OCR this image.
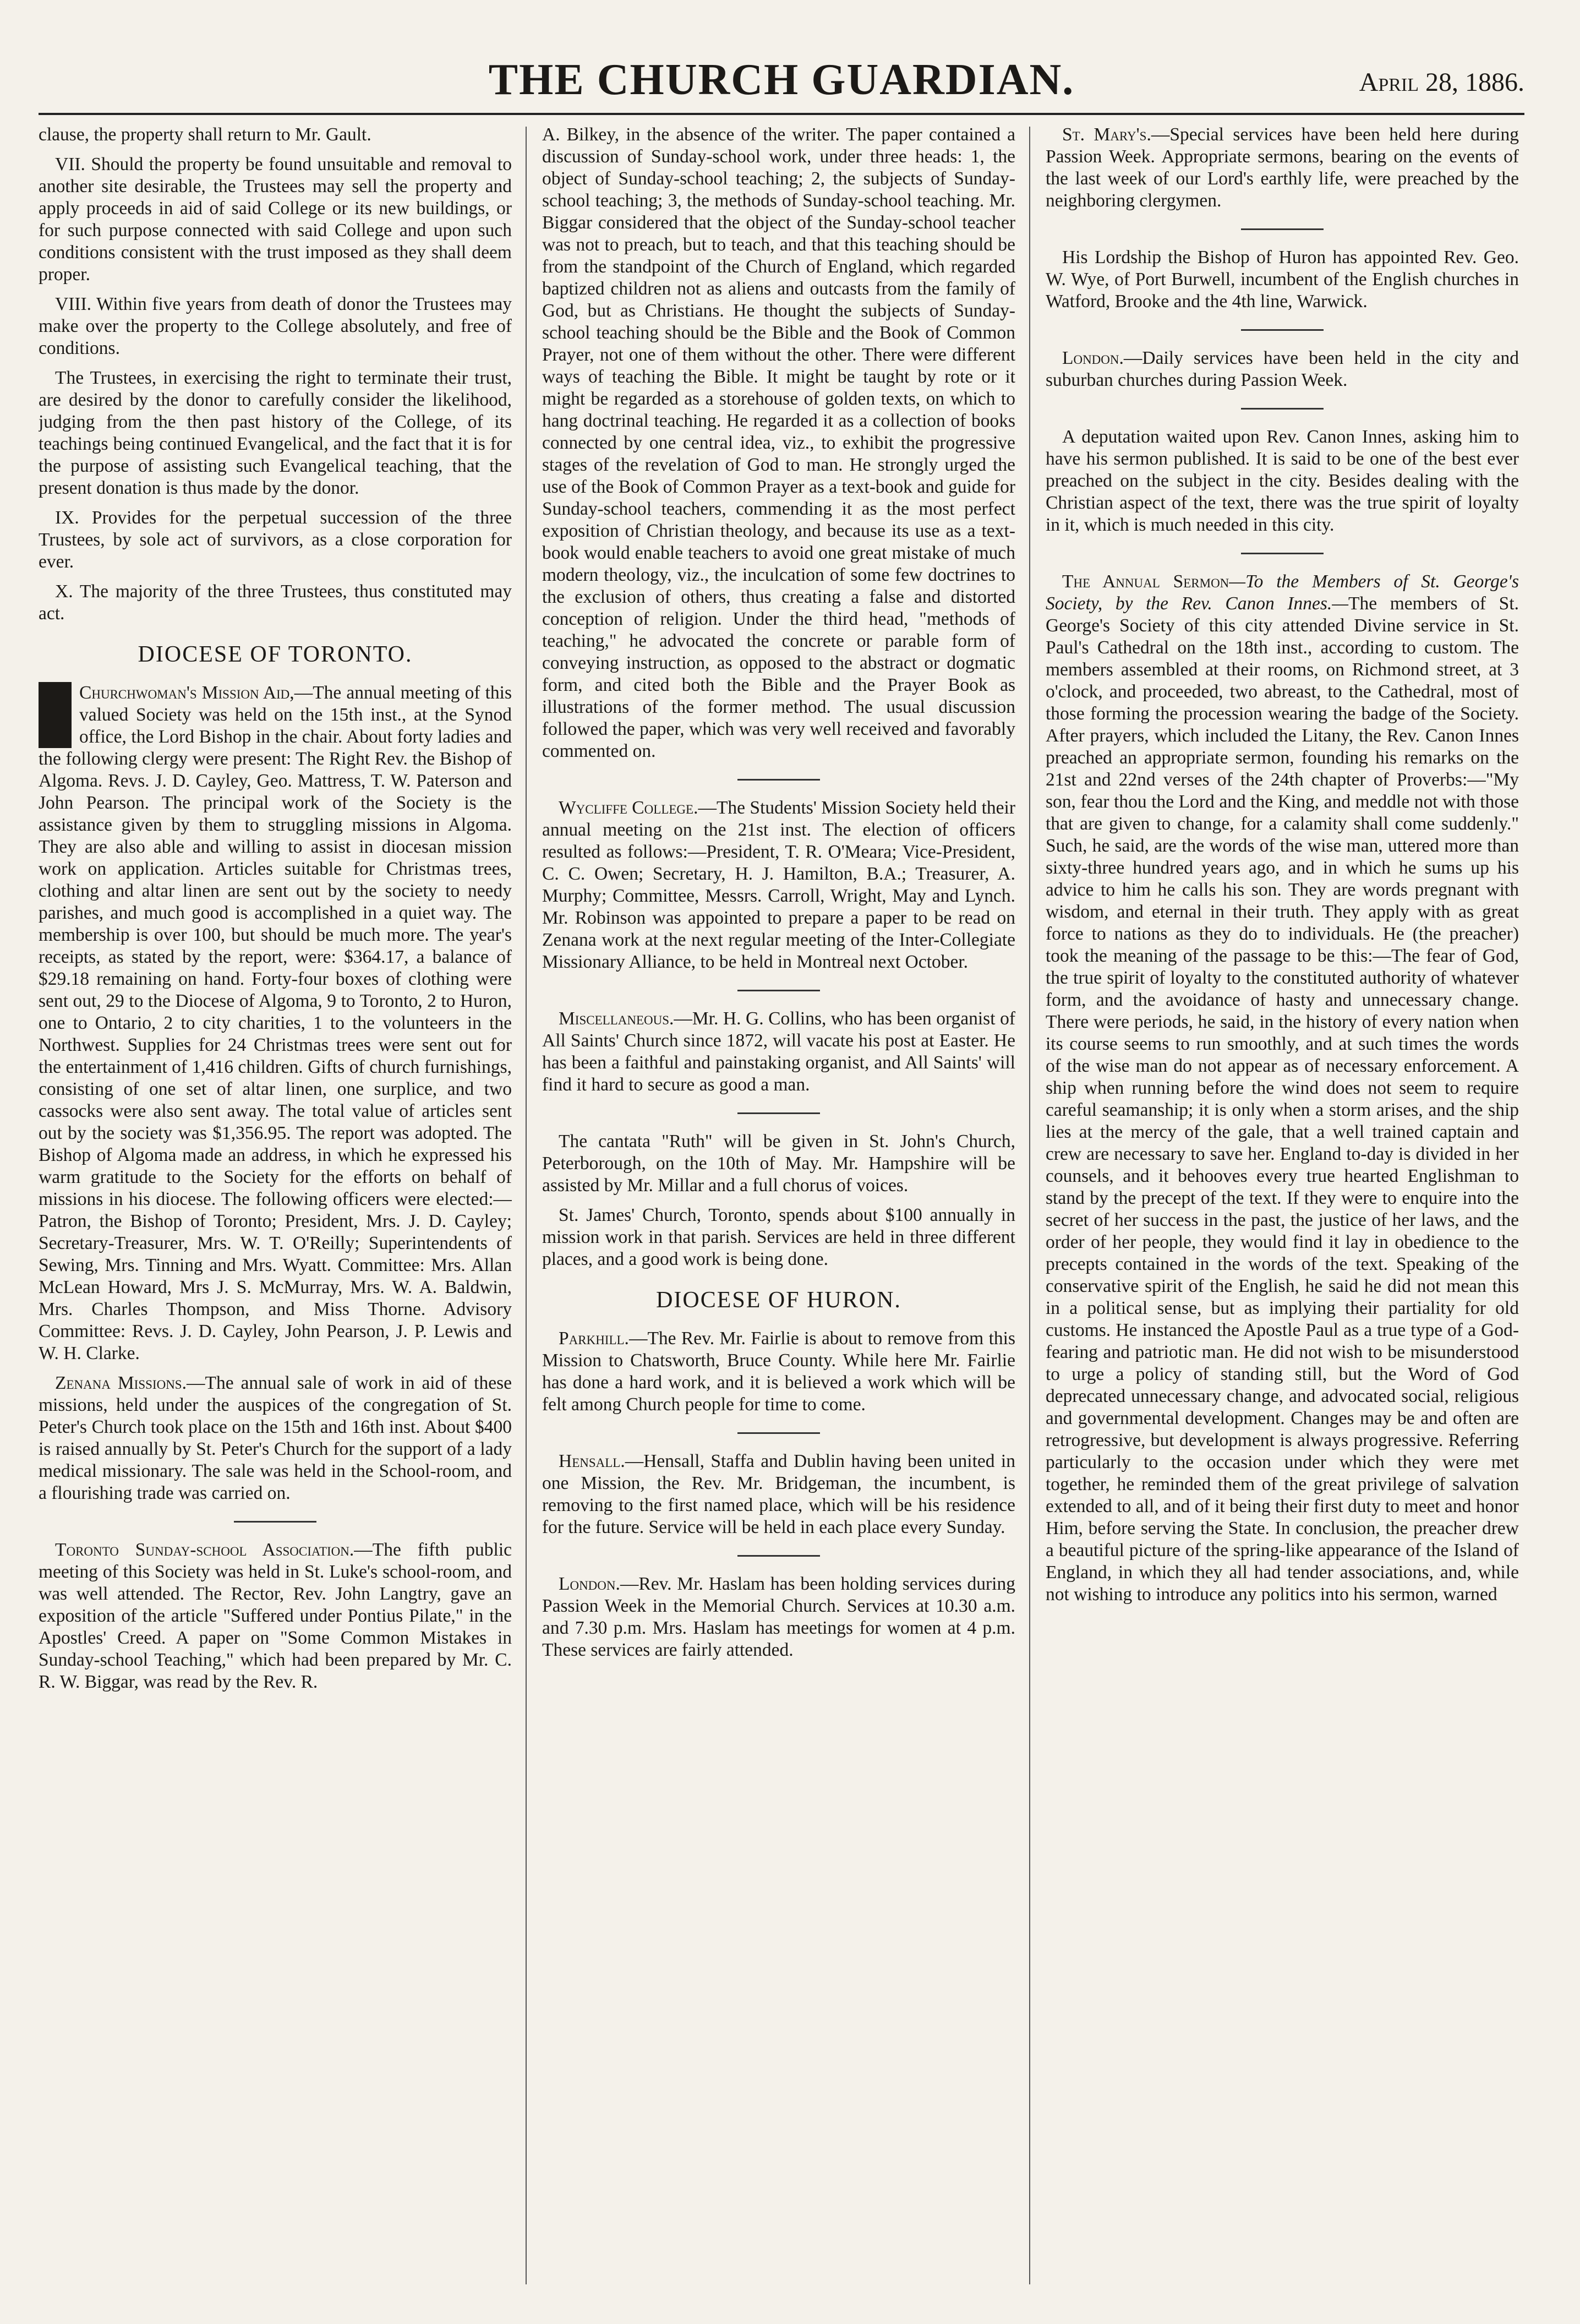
THE CHURCH GUARDIAN.	April 28, 1886.

clause, the property shall return to Mr. Gault.

VII. Should the property be found unsuitable and removal to another site desirable, the Trustees may sell the property and apply proceeds in aid of said College or its new buildings, or for such purpose connected with said College and upon such conditions consistent with the trust imposed as they shall deem proper.

VIII. Within five years from death of donor the Trustees may make over the property to the College absolutely, and free of conditions.

The Trustees, in exercising the right to terminate their trust, are desired by the donor to carefully consider the likelihood, judging from the then past history of the College, of its teachings being continued Evangelical, and the fact that it is for the purpose of assisting such Evangelical teaching, that the present donation is thus made by the donor.

IX. Provides for the perpetual succession of the three Trustees, by sole act of survivors, as a close corporation for ever.

X. The majority of the three Trustees, thus constituted may act.

DIOCESE OF TORONTO.

Churchwoman's Mission Aid,—The annual meeting of this valued Society was held on the 15th inst., at the Synod office, the Lord Bishop in the chair. About forty ladies and the following clergy were present: The Right Rev. the Bishop of Algoma. Revs. J. D. Cayley, Geo. Mattress, T. W. Paterson and John Pearson. The principal work of the Society is the assistance given by them to struggling missions in Algoma. They are also able and willing to assist in diocesan mission work on application. Articles suitable for Christmas trees, clothing and altar linen are sent out by the society to needy parishes, and much good is accomplished in a quiet way. The membership is over 100, but should be much more. The year's receipts, as stated by the report, were: $364.17, a balance of $29.18 remaining on hand. Forty-four boxes of clothing were sent out, 29 to the Diocese of Algoma, 9 to Toronto, 2 to Huron, one to Ontario, 2 to city charities, 1 to the volunteers in the Northwest. Supplies for 24 Christmas trees were sent out for the entertainment of 1,416 children. Gifts of church furnishings, consisting of one set of altar linen, one surplice, and two cassocks were also sent away. The total value of articles sent out by the society was $1,356.95. The report was adopted. The Bishop of Algoma made an address, in which he expressed his warm gratitude to the Society for the efforts on behalf of missions in his diocese. The following officers were elected:—Patron, the Bishop of Toronto; President, Mrs. J. D. Cayley; Secretary-Treasurer, Mrs. W. T. O'Reilly; Superintendents of Sewing, Mrs. Tinning and Mrs. Wyatt. Committee: Mrs. Allan McLean Howard, Mrs J. S. McMurray, Mrs. W. A. Baldwin, Mrs. Charles Thompson, and Miss Thorne. Advisory Committee: Revs. J. D. Cayley, John Pearson, J. P. Lewis and W. H. Clarke.

Zenana Missions.—The annual sale of work in aid of these missions, held under the auspices of the congregation of St. Peter's Church took place on the 15th and 16th inst. About $400 is raised annually by St. Peter's Church for the support of a lady medical missionary. The sale was held in the School-room, and a flourishing trade was carried on.

Toronto Sunday-school Association.—The fifth public meeting of this Society was held in St. Luke's school-room, and was well attended. The Rector, Rev. John Langtry, gave an exposition of the article "Suffered under Pontius Pilate," in the Apostles' Creed. A paper on "Some Common Mistakes in Sunday-school Teaching," which had been prepared by Mr. C. R. W. Biggar, was read by the Rev. R.

A. Bilkey, in the absence of the writer. The paper contained a discussion of Sunday-school work, under three heads: 1, the object of Sunday-school teaching; 2, the subjects of Sunday-school teaching; 3, the methods of Sunday-school teaching. Mr. Biggar considered that the object of the Sunday-school teacher was not to preach, but to teach, and that this teaching should be from the standpoint of the Church of England, which regarded baptized children not as aliens and outcasts from the family of God, but as Christians. He thought the subjects of Sunday-school teaching should be the Bible and the Book of Common Prayer, not one of them without the other. There were different ways of teaching the Bible. It might be taught by rote or it might be regarded as a storehouse of golden texts, on which to hang doctrinal teaching. He regarded it as a collection of books connected by one central idea, viz., to exhibit the progressive stages of the revelation of God to man. He strongly urged the use of the Book of Common Prayer as a text-book and guide for Sunday-school teachers, commending it as the most perfect exposition of Christian theology, and because its use as a text-book would enable teachers to avoid one great mistake of much modern theology, viz., the inculcation of some few doctrines to the exclusion of others, thus creating a false and distorted conception of religion. Under the third head, "methods of teaching," he advocated the concrete or parable form of conveying instruction, as opposed to the abstract or dogmatic form, and cited both the Bible and the Prayer Book as illustrations of the former method. The usual discussion followed the paper, which was very well received and favorably commented on.

Wycliffe College.—The Students' Mission Society held their annual meeting on the 21st inst. The election of officers resulted as follows:—President, T. R. O'Meara; Vice-President, C. C. Owen; Secretary, H. J. Hamilton, B.A.; Treasurer, A. Murphy; Committee, Messrs. Carroll, Wright, May and Lynch. Mr. Robinson was appointed to prepare a paper to be read on Zenana work at the next regular meeting of the Inter-Collegiate Missionary Alliance, to be held in Montreal next October.

Miscellaneous.—Mr. H. G. Collins, who has been organist of All Saints' Church since 1872, will vacate his post at Easter. He has been a faithful and painstaking organist, and All Saints' will find it hard to secure as good a man.

The cantata "Ruth" will be given in St. John's Church, Peterborough, on the 10th of May. Mr. Hampshire will be assisted by Mr. Millar and a full chorus of voices.

St. James' Church, Toronto, spends about $100 annually in mission work in that parish. Services are held in three different places, and a good work is being done.

DIOCESE OF HURON.

Parkhill.—The Rev. Mr. Fairlie is about to remove from this Mission to Chatsworth, Bruce County. While here Mr. Fairlie has done a hard work, and it is believed a work which will be felt among Church people for time to come.

Hensall.—Hensall, Staffa and Dublin having been united in one Mission, the Rev. Mr. Bridgeman, the incumbent, is removing to the first named place, which will be his residence for the future. Service will be held in each place every Sunday.

London.—Rev. Mr. Haslam has been holding services during Passion Week in the Memorial Church. Services at 10.30 a.m. and 7.30 p.m. Mrs. Haslam has meetings for women at 4 p.m. These services are fairly attended.

St. Mary's.—Special services have been held here during Passion Week. Appropriate sermons, bearing on the events of the last week of our Lord's earthly life, were preached by the neighboring clergymen.

His Lordship the Bishop of Huron has appointed Rev. Geo. W. Wye, of Port Burwell, incumbent of the English churches in Watford, Brooke and the 4th line, Warwick.

London.—Daily services have been held in the city and suburban churches during Passion Week.

A deputation waited upon Rev. Canon Innes, asking him to have his sermon published. It is said to be one of the best ever preached on the subject in the city. Besides dealing with the Christian aspect of the text, there was the true spirit of loyalty in it, which is much needed in this city.

The Annual Sermon—To the Members of St. George's Society, by the Rev. Canon Innes.—The members of St. George's Society of this city attended Divine service in St. Paul's Cathedral on the 18th inst., according to custom. The members assembled at their rooms, on Richmond street, at 3 o'clock, and proceeded, two abreast, to the Cathedral, most of those forming the procession wearing the badge of the Society. After prayers, which included the Litany, the Rev. Canon Innes preached an appropriate sermon, founding his remarks on the 21st and 22nd verses of the 24th chapter of Proverbs:—"My son, fear thou the Lord and the King, and meddle not with those that are given to change, for a calamity shall come suddenly." Such, he said, are the words of the wise man, uttered more than sixty-three hundred years ago, and in which he sums up his advice to him he calls his son. They are words pregnant with wisdom, and eternal in their truth. They apply with as great force to nations as they do to individuals. He (the preacher) took the meaning of the passage to be this:—The fear of God, the true spirit of loyalty to the constituted authority of whatever form, and the avoidance of hasty and unnecessary change. There were periods, he said, in the history of every nation when its course seems to run smoothly, and at such times the words of the wise man do not appear as of necessary enforcement. A ship when running before the wind does not seem to require careful seamanship; it is only when a storm arises, and the ship lies at the mercy of the gale, that a well trained captain and crew are necessary to save her. England to-day is divided in her counsels, and it behooves every true hearted Englishman to stand by the precept of the text. If they were to enquire into the secret of her success in the past, the justice of her laws, and the order of her people, they would find it lay in obedience to the precepts contained in the words of the text. Speaking of the conservative spirit of the English, he said he did not mean this in a political sense, but as implying their partiality for old customs. He instanced the Apostle Paul as a true type of a God-fearing and patriotic man. He did not wish to be misunderstood to urge a policy of standing still, but the Word of God deprecated unnecessary change, and advocated social, religious and governmental development. Changes may be and often are retrogressive, but development is always progressive. Referring particularly to the occasion under which they were met together, he reminded them of the great privilege of salvation extended to all, and of it being their first duty to meet and honor Him, before serving the State. In conclusion, the preacher drew a beautiful picture of the spring-like appearance of the Island of England, in which they all had tender associations, and, while not wishing to introduce any politics into his sermon, warned
